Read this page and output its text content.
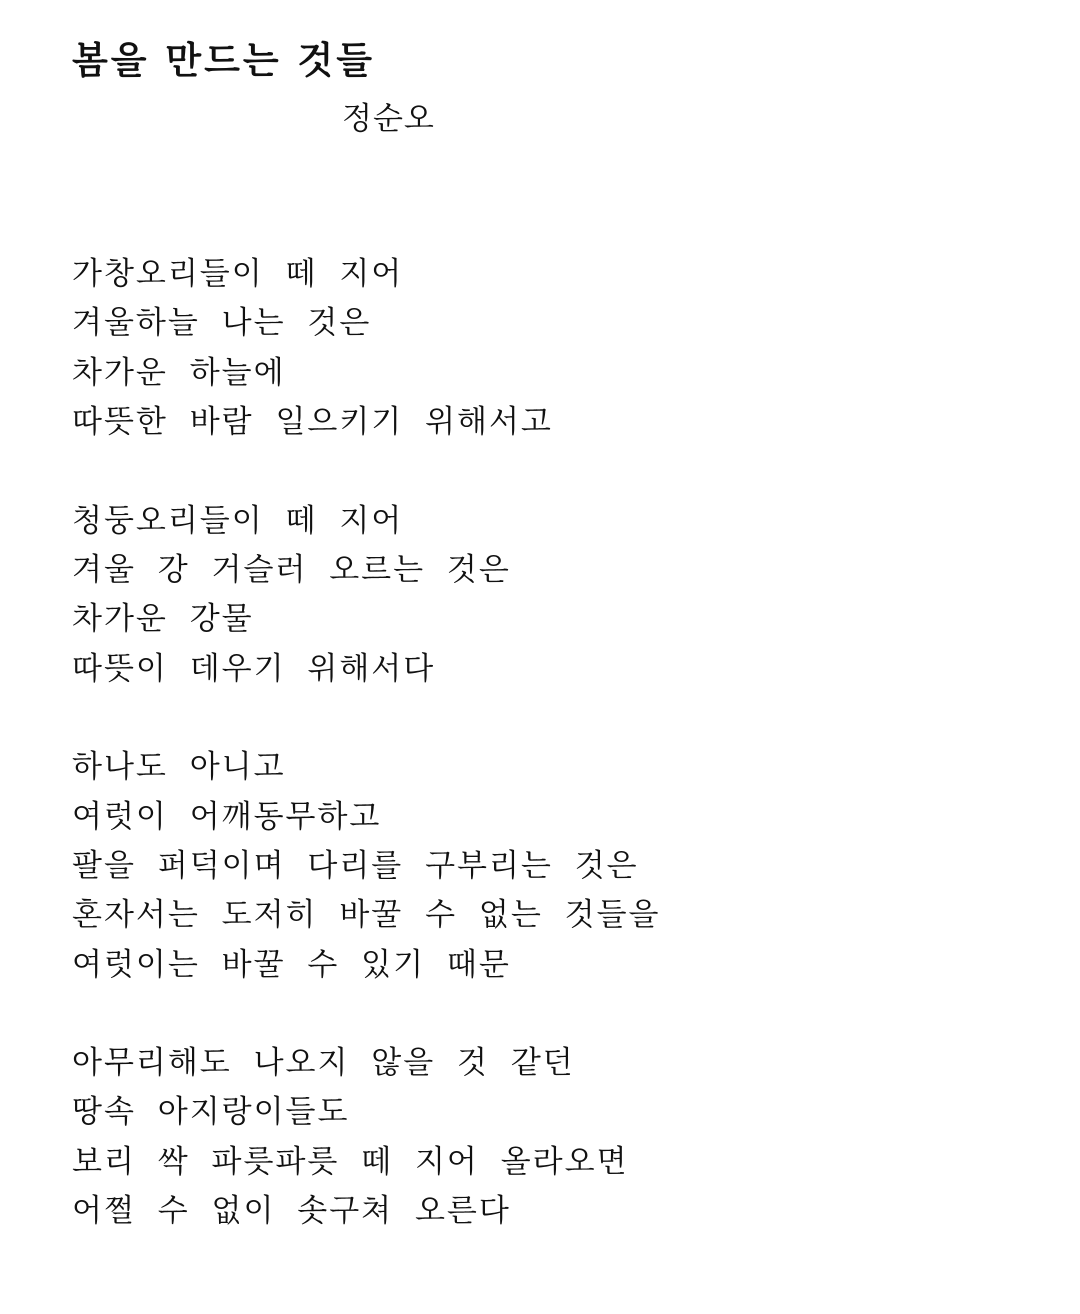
봄을 만드는 것들

정순오

가창오리들이 떼 지어
겨울하늘 나는 것은
차가운 하늘에
따뜻한 바람 일으키기 위해서고
청둥오리들이 떼 지어
겨울 강 거슬러 오르는 것은
차가운 강물
따뜻이 데우기 위해서다
하나도 아니고
여럿이 어깨동무하고
팔을 퍼덕이며 다리를 구부리는 것은
혼자서는 도저히 바꿀 수 없는 것들을
여럿이는 바꿀 수 있기 때문
아무리해도 나오지 않을 것 같던
땅속 아지랑이들도
보리 싹 파릇파릇 떼 지어 올라오면
어쩔 수 없이 솟구쳐 오른다
